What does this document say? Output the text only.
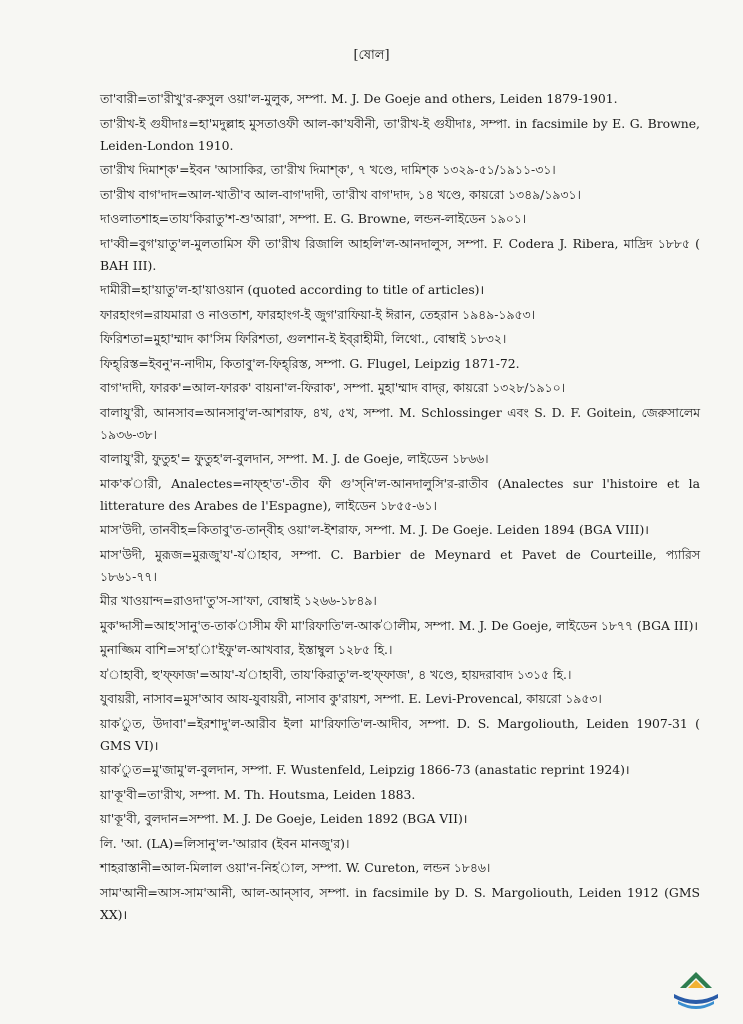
[ষোল]

তা'বারী=তা'রীখু'র-রুসুল ওয়া'ল-মুলুক, সম্পা. M. J. De Goeje and others, Leiden 1879-1901.

তা'রীখ-ই গুযীদাঃ=হা'মদুল্লাহ মুসতাওফী আল-কা'যবীনী, তা'রীখ-ই গুযীদাঃ, সম্পা. in facsimile by E. G. Browne, Leiden-London 1910.

তা'রীখ দিমাশ্‌ক'=ইবন 'আসাকির, তা'রীখ দিমাশ্‌ক', ৭ খণ্ডে, দামিশ্‌ক ১৩২৯-৫১/১৯১১-৩১।

তা'রীখ বাগ'দাদ=আল-খাতী'ব আল-বাগ'দাদী, তা'রীখ বাগ'দাদ, ১৪ খণ্ডে, কায়রো ১৩৪৯/১৯৩১।

দাওলাতশাহ=তায'কিরাতু'শ-শু'আরা', সম্পা. E. G. Browne, লন্ডন-লাইডেন ১৯০১।

দা'ব্বী=বুগ'য়াতু'ল-মুলতামিস ফী তা'রীখ রিজালি আহলি'ল-আনদালুস, সম্পা. F. Codera J. Ribera, মাদ্রিদ ১৮৮৫ ( BAH III).

দামীরী=হা'য়াতু'ল-হা'য়াওয়ান (quoted according to title of articles)।

ফারহাংগ=রাযমারা ও নাওতাশ, ফারহাংগ-ই জুগ'রাফিয়া-ই ঈরান, তেহরান ১৯৪৯-১৯৫৩।

ফিরিশতা=মুহা'ম্মাদ কা'সিম ফিরিশতা, গুলশান-ই ইব্‌রাহীমী, লিথো., বোম্বাই ১৮৩২।

ফিহ্‌রিস্ত=ইবনু'ন-নাদীম, কিতাবু'ল-ফিহ্‌রিস্ত, সম্পা. G. Flugel, Leipzig 1871-72.

বাগ'দাদী, ফারক'=আল-ফারক' বায়না'ল-ফিরাক', সম্পা. মুহা'ম্মাদ বাদ্‌র, কায়রো ১৩২৮/১৯১০।

বালাযু'রী, আনসাব=আনসাবু'ল-আশরাফ, ৪খ, ৫খ, সম্পা. M. Schlossinger এবং S. D. F. Goitein, জেরুসালেম ১৯৩৬-৩৮।

বালাযু'রী, ফুতুহ'= ফুতুহ'ল-বুলদান, সম্পা. M. J. de Goeje, লাইডেন ১৮৬৬।

মাক'ক'ারী, Analectes=নাফ্‌হ'ত'-তীব ফী গু'স্‌নি'ল-আনদালুসি'র-রাতীব (Analectes sur l'histoire et la litterature des Arabes de l'Espagne), লাইডেন ১৮৫৫-৬১।

মাস'উদী, তানবীহ=কিতাবু'ত-তান্‌বীহ ওয়া'ল-ইশরাফ, সম্পা. M. J. De Goeje. Leiden 1894 (BGA VIII)।

মাস'উদী, মুরূজ=মুরূজু'য'-য'াহাব, সম্পা. C. Barbier de Meynard et Pavet de Courteille, প্যারিস ১৮৬১-৭৭।

মীর খাওয়ান্দ=রাওদা'তু'স-সা'ফা, বোম্বাই ১২৬৬-১৮৪৯।

মুক'দ্দাসী=আহ'সানু'ত-তাক'াসীম ফী মা'রিফাতি'ল-আক'ালীম, সম্পা. M. J. De Goeje, লাইডেন ১৮৭৭ (BGA III)।

মুনাজ্জিম বাশি=স'হা'া'ইফু'ল-আখবার, ইস্তাম্বুল ১২৮৫ হি.।

য'াহাবী, হু'ফ্‌ফাজ'=আয'-য'াহাবী, তায'কিরাতু'ল-হু'ফ্‌ফাজ', ৪ খণ্ডে, হায়দরাবাদ ১৩১৫ হি.।

যুবায়রী, নাসাব=মুস'আব আয-যুবায়রী, নাসাব কু'রায়শ, সম্পা. E. Levi-Provencal, কায়রো ১৯৫৩।

য়াক'ুত, উদাবা'=ইরশাদু'ল-আরীব ইলা মা'রিফাতি'ল-আদীব, সম্পা. D. S. Margoliouth, Leiden 1907-31 ( GMS VI)।

য়াক'ুত=মু'জামু'ল-বুলদান, সম্পা. F. Wustenfeld, Leipzig 1866-73 (anastatic reprint 1924)।

য়া'কূ'বী=তা'রীখ, সম্পা. M. Th. Houtsma, Leiden 1883.

য়া'কূ'বী, বুলদান=সম্পা. M. J. De Goeje, Leiden 1892 (BGA VII)।

লি. 'আ. (LA)=লিসানু'ল-'আরাব (ইবন মানজু'র)।

শাহরাস্তানী=আল-মিলাল ওয়া'ন-নিহ'াল, সম্পা. W. Cureton, লন্ডন ১৮৪৬।

সাম'আনী=আস-সাম'আনী, আল-আন্‌সাব, সম্পা. in facsimile by D. S. Margoliouth, Leiden 1912 (GMS XX)।
